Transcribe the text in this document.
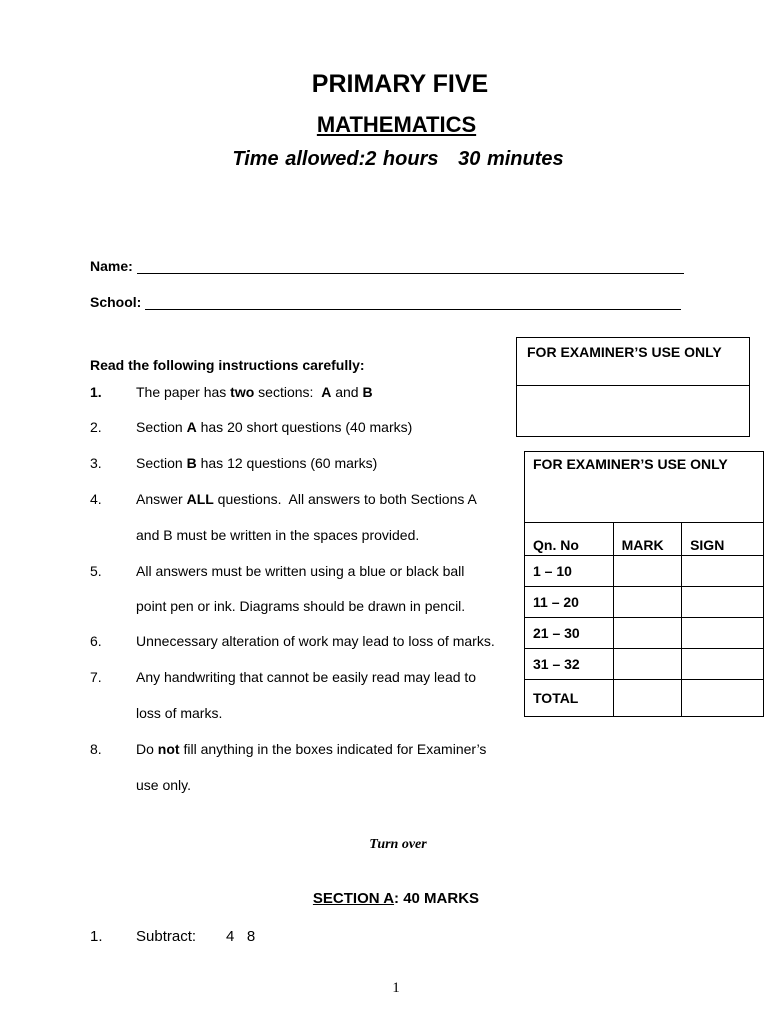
PRIMARY FIVE
MATHEMATICS
Time allowed:2 hours   30 minutes
Name:
School:
Read the following instructions carefully:
1. The paper has two sections:  A and B
2. Section A has 20 short questions (40 marks)
3. Section B has 12 questions (60 marks)
4. Answer ALL questions.  All answers to both Sections A
and B must be written in the spaces provided.
5. All answers must be written using a blue or black ball
point pen or ink. Diagrams should be drawn in pencil.
6. Unnecessary alteration of work may lead to loss of marks.
7. Any handwriting that cannot be easily read may lead to
loss of marks.
8. Do not fill anything in the boxes indicated for Examiner’s
use only.
FOR EXAMINER’S USE ONLY
FOR EXAMINER’S USE ONLY		
Qn. No	MARK	SIGN
1 – 10		
11 – 20		
21 – 30		
31 – 32		
TOTAL		
Turn over
SECTION A: 40 MARKS
1. Subtract: 4   8
1
